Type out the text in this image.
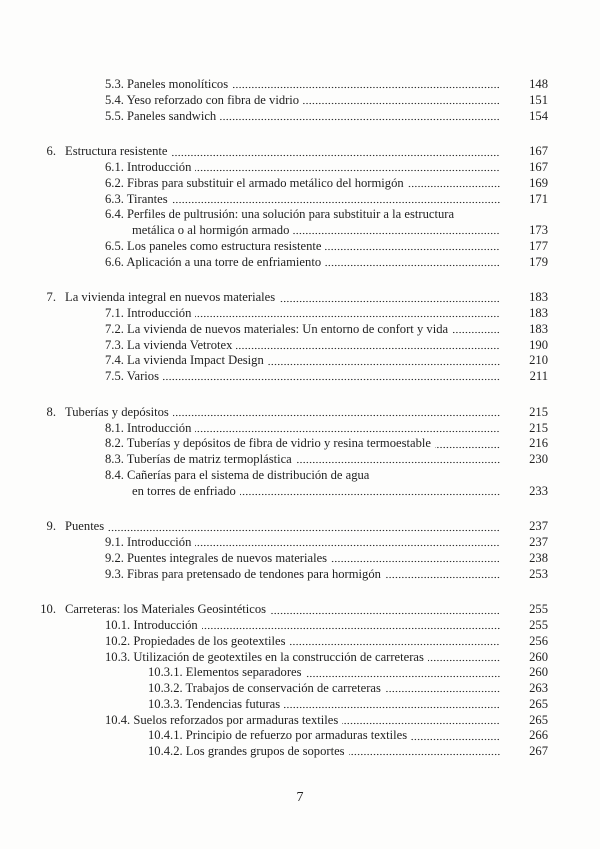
5.3. Paneles monolíticos	148
5.4. Yeso reforzado con fibra de vidrio	151
5.5. Paneles sandwich	154
6. Estructura resistente	167
6.1. Introducción	167
6.2. Fibras para substituir el armado metálico del hormigón	169
6.3. Tirantes	171
6.4. Perfiles de pultrusión: una solución para substituir a la estructura
metálica o al hormigón armado	173
6.5. Los paneles como estructura resistente	177
6.6. Aplicación a una torre de enfriamiento	179
7. La vivienda integral en nuevos materiales	183
7.1. Introducción	183
7.2. La vivienda de nuevos materiales: Un entorno de confort y vida	183
7.3. La vivienda Vetrotex	190
7.4. La vivienda Impact Design	210
7.5. Varios	211
8. Tuberías y depósitos	215
8.1. Introducción	215
8.2. Tuberías y depósitos de fibra de vidrio y resina termoestable	216
8.3. Tuberías de matriz termoplástica	230
8.4. Cañerías para el sistema de distribución de agua
en torres de enfriado	233
9. Puentes	237
9.1. Introducción	237
9.2. Puentes integrales de nuevos materiales	238
9.3. Fibras para pretensado de tendones para hormigón	253
10. Carreteras: los Materiales Geosintéticos	255
10.1. Introducción	255
10.2. Propiedades de los geotextiles	256
10.3. Utilización de geotextiles en la construcción de carreteras	260
10.3.1. Elementos separadores	260
10.3.2. Trabajos de conservación de carreteras	263
10.3.3. Tendencias futuras	265
10.4. Suelos reforzados por armaduras textiles	265
10.4.1. Principio de refuerzo por armaduras textiles	266
10.4.2. Los grandes grupos de soportes	267
7
